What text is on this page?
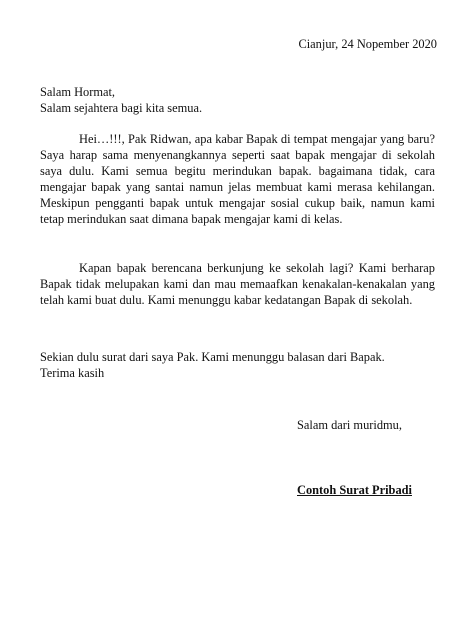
Cianjur, 24 Nopember 2020
Salam Hormat,
Salam sejahtera bagi kita semua.

Hei…!!!, Pak Ridwan, apa kabar Bapak di tempat mengajar yang baru? Saya harap sama menyenangkannya seperti saat bapak mengajar di sekolah saya dulu. Kami semua begitu merindukan bapak. bagaimana tidak, cara mengajar bapak yang santai namun jelas membuat kami merasa kehilangan. Meskipun pengganti bapak untuk mengajar sosial cukup baik, namun kami tetap merindukan saat dimana bapak mengajar kami di kelas.

Kapan bapak berencana berkunjung ke sekolah lagi? Kami berharap Bapak tidak melupakan kami dan mau memaafkan kenakalan-kenakalan yang telah kami buat dulu. Kami menunggu kabar kedatangan Bapak di sekolah.

Sekian dulu surat dari saya Pak. Kami menunggu balasan dari Bapak.
Terima kasih
Salam dari muridmu,
Contoh Surat Pribadi
